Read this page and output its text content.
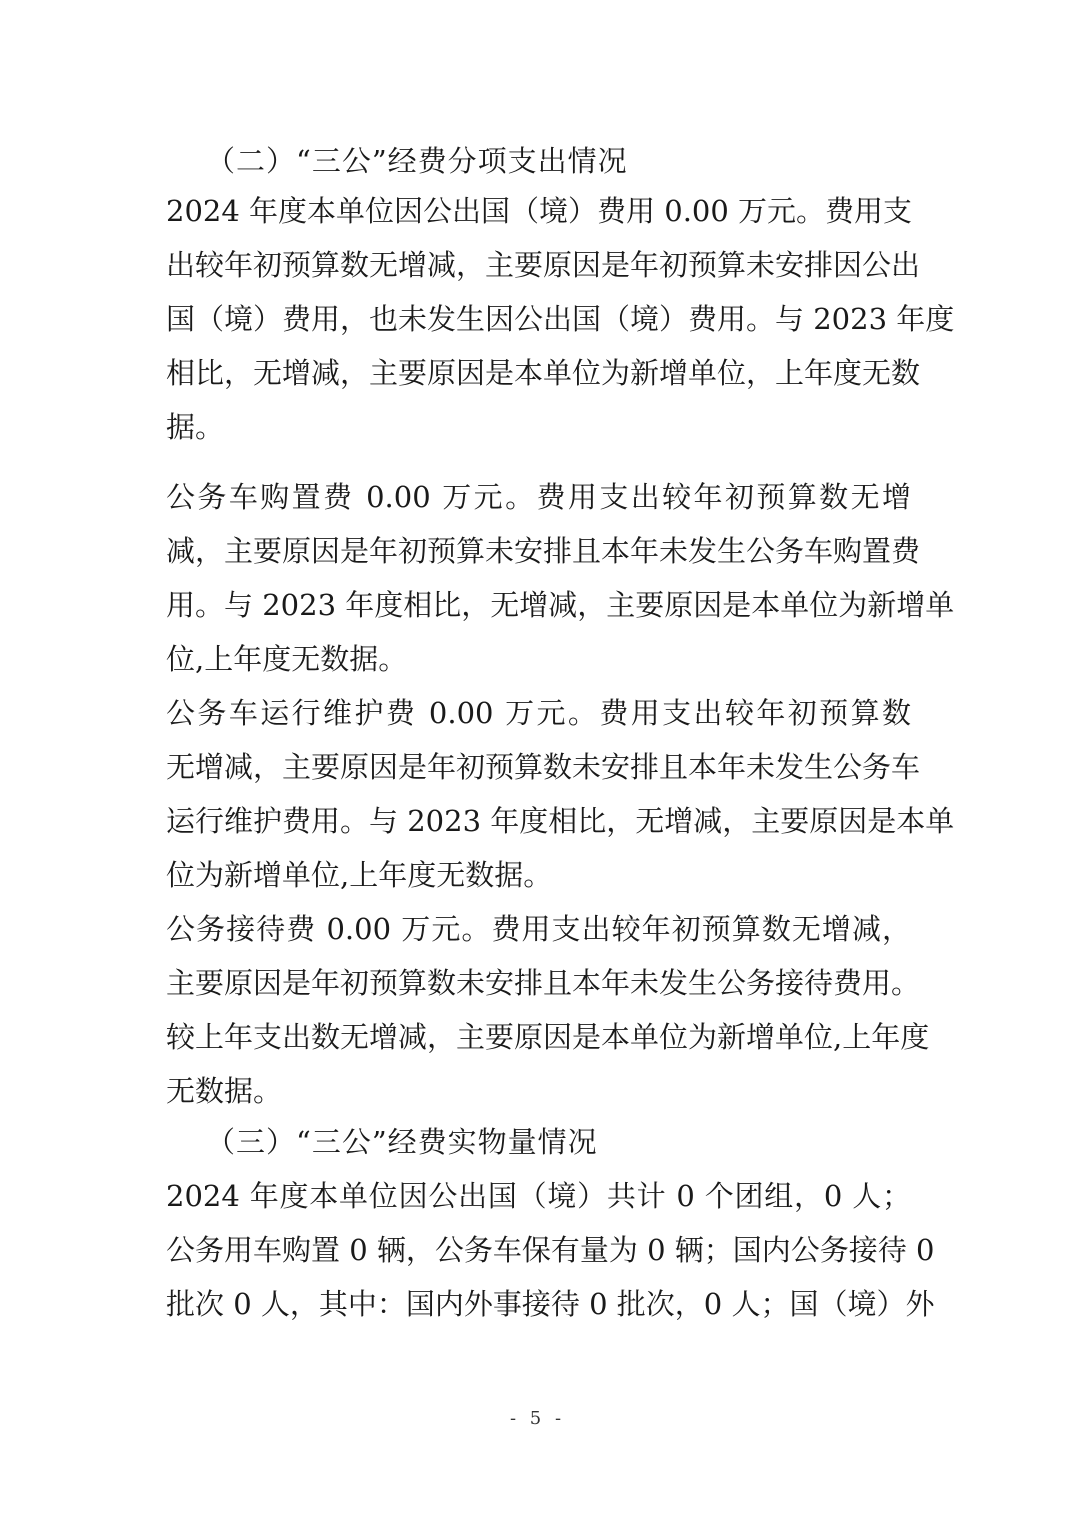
（二）“三公”经费分项支出情况
2024 年度本单位因公出国（境）费用 0.00 万元。费用支
出较年初预算数无增减，主要原因是年初预算未安排因公出
国（境）费用，也未发生因公出国（境）费用。与 2023 年度
相比，无增减，主要原因是本单位为新增单位，上年度无数
据。
公务车购置费 0.00 万元。费用支出较年初预算数无增
减，主要原因是年初预算未安排且本年未发生公务车购置费
用。与 2023 年度相比，无增减，主要原因是本单位为新增单
位,上年度无数据。
公务车运行维护费 0.00 万元。费用支出较年初预算数
无增减，主要原因是年初预算数未安排且本年未发生公务车
运行维护费用。与 2023 年度相比，无增减，主要原因是本单
位为新增单位,上年度无数据。
公务接待费 0.00 万元。费用支出较年初预算数无增减，
主要原因是年初预算数未安排且本年未发生公务接待费用。
较上年支出数无增减，主要原因是本单位为新增单位,上年度
无数据。
（三）“三公”经费实物量情况
2024 年度本单位因公出国（境）共计 0 个团组，0 人；
公务用车购置 0 辆，公务车保有量为 0 辆；国内公务接待 0
批次 0 人，其中：国内外事接待 0 批次，0 人；国（境）外
- 5 -
